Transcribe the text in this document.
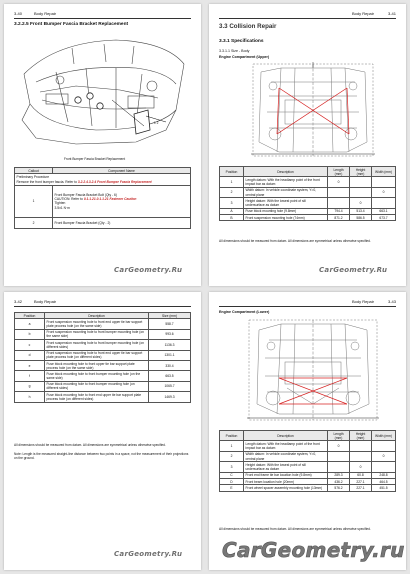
3-40	Body Repair
3.2.2.5 Front Bumper Fascia Bracket Replacement
1 2
Front Bumper Fascia Bracket Replacement
Callout	Component Name
Preliminary Procedure	
Remove the front bumper fascia. Refer to 3.2.2.4.3.2.4 Front Bumper Fascia Replacement	
1	Front Bumper Fascia Bracket Bolt (Qty - 6)
CAUTION: Refer to 0.1.1.21.0.1.1.21 Fastener Caution
Tighten
3.5±1 N·m

2	Front Bumper Fascia Bracket (Qty - 2)
CarGeometry.Ru
3-41
Body Repair
3.3 Collision Repair
3.3.1 Specifications
3.3.1.1 Size - Body
Engine Compartment (Upper)
Position	Description	Length (mm)	Height (mm)	Width (mm)
1	Length datum: With the headlamp point of the front impact bar as datum	0		
2	Width datum: In vehicle coordinate system, Y=0, central plane			0
3	Height datum: With the lowest point of sill undersurface as datum		0	
A	Fuse block mounting hole (9.8mm)	794.4	513.4	663.1
B	Front suspension mounting hole (74mm)	871.2	586.5	673.7
All dimensions should be measured from datum. All dimensions are symmetrical unless otherwise specified.
CarGeometry.Ru
3-42	Body Repair
Position	Description	Size (mm)
a	Front suspension mounting hole to front end upper tie bar support plate process hole (on the same side)	558.7
b	Front suspension mounting hole to front bumper mounting hole (on the same side)	993.6
c	Front suspension mounting hole to front bumper mounting hole (on different sides)	1136.3
d	Front suspension mounting hole to front end upper tie bar support plate process hole (on different sides)	1301.1
e	Fuse block mounting hole to front upper tie bar support plate process hole (on the same side)	330.4
f	Fuse block mounting hole to front bumper mounting hole (on the same side)	663.5
g	Fuse block mounting hole to front bumper mounting hole (on different sides)	1065.7
h	Fuse block mounting hole to front end upper tie bar support plate process hole (on different sides)	1469.3
All dimensions should be measured from datum. All dimensions are symmetrical unless otherwise specified.
Note: Length is the measured straight-line distance between two points in a space, not the measurement of their projections on the ground.
CarGeometry.Ru
3-43
Body Repair
Engine Compartment (Lower)
Position	Description	Length (mm)	Height (mm)	Width (mm)
1	Length datum: With the headlamp point of the front impact bar as datum	0		
2	Width datum: In vehicle coordinate system, Y=0, central plane			0
3	Height datum: With the lowest point of sill undersurface as datum		0	
C	Front end frame tie bar location hole (9.8mm)	289.3	60.8	248.8
D	Front beam location hole (20mm)	436.2	227.1	464.5
E	Front wheel spacer assembly mounting hole (13mm)	576.2	227.1	451.5
All dimensions should be measured from datum. All dimensions are symmetrical unless otherwise specified.
CarGeometry.ru
